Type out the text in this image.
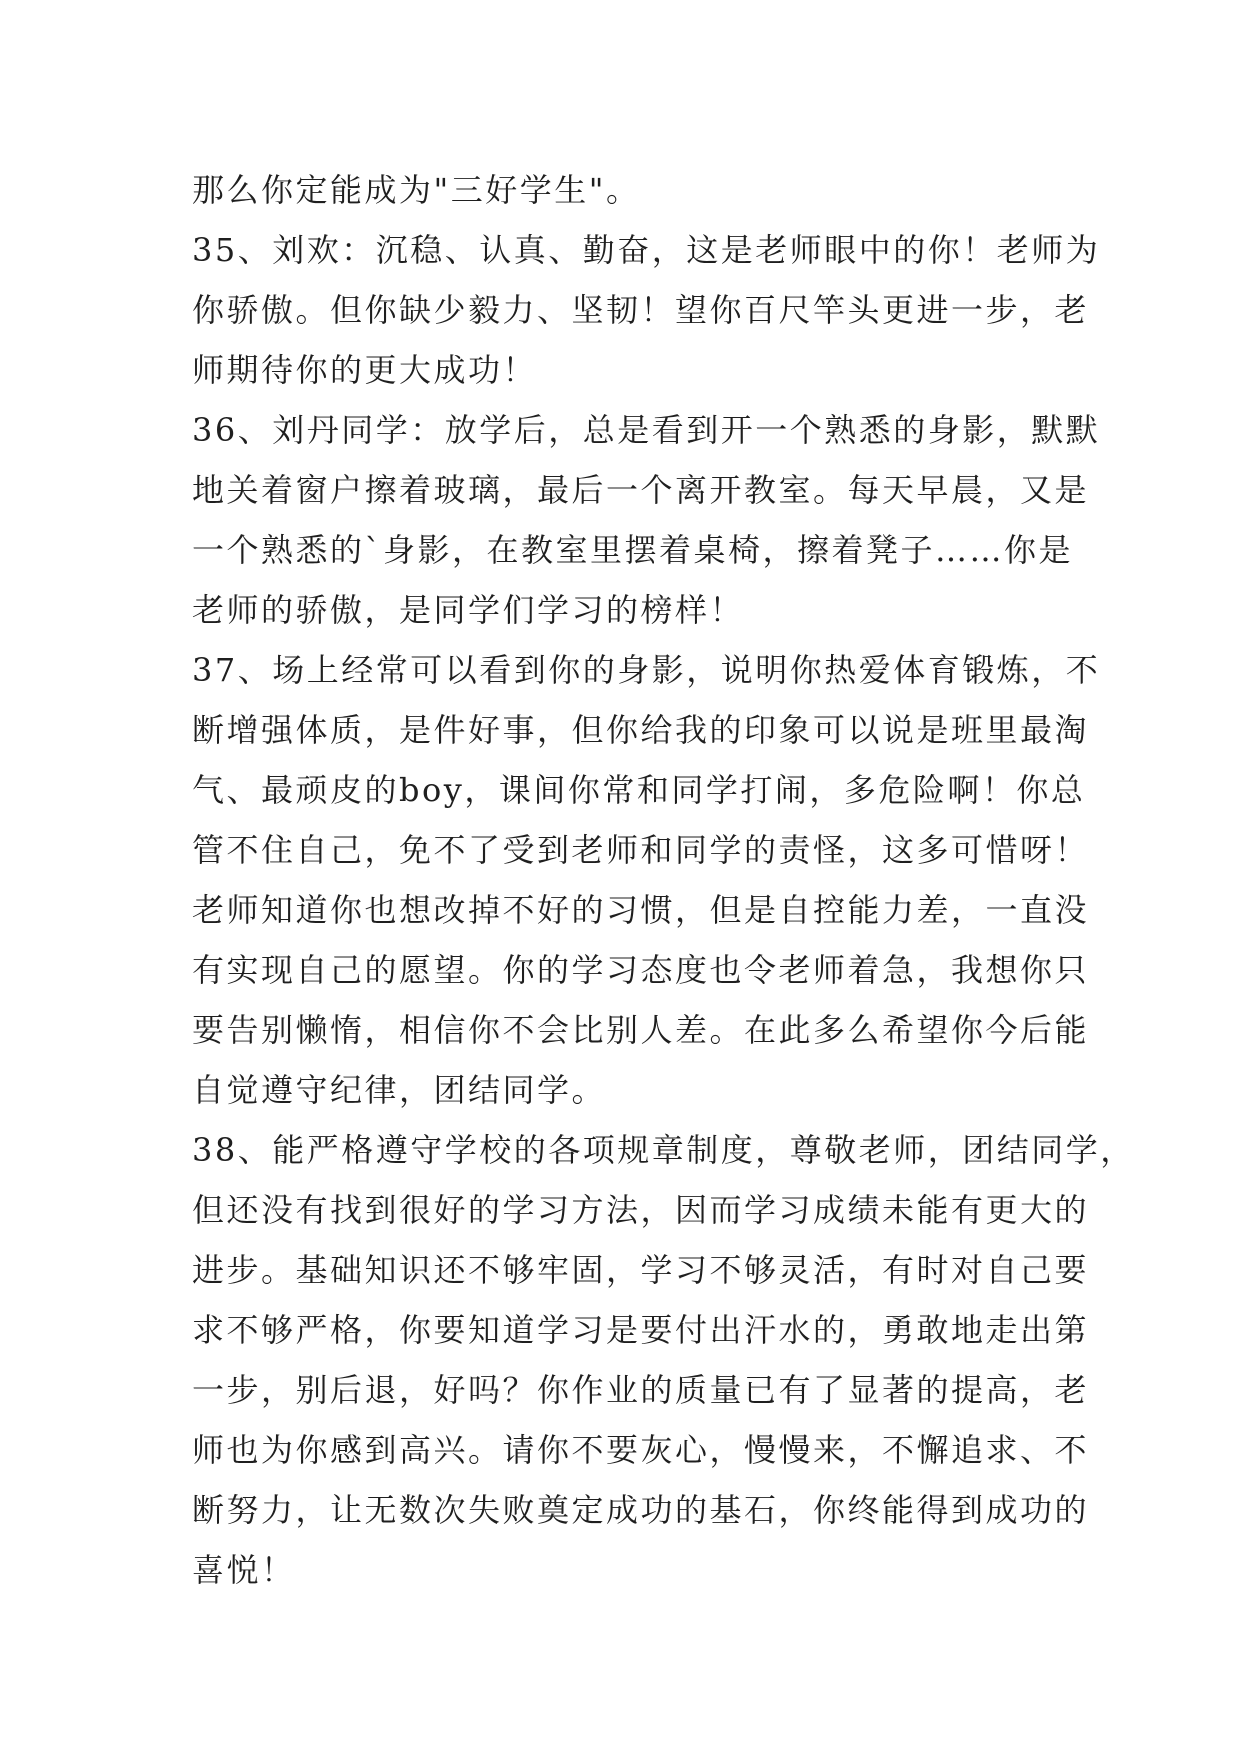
那么你定能成为"三好学生"。
35、刘欢：沉稳、认真、勤奋，这是老师眼中的你！老师为
你骄傲。但你缺少毅力、坚韧！望你百尺竿头更进一步，老
师期待你的更大成功！
36、刘丹同学：放学后，总是看到开一个熟悉的身影，默默
地关着窗户擦着玻璃，最后一个离开教室。每天早晨，又是
一个熟悉的`身影，在教室里摆着桌椅，擦着凳子……你是
老师的骄傲，是同学们学习的榜样！
37、场上经常可以看到你的身影，说明你热爱体育锻炼，不
断增强体质，是件好事，但你给我的印象可以说是班里最淘
气、最顽皮的boy，课间你常和同学打闹，多危险啊！你总
管不住自己，免不了受到老师和同学的责怪，这多可惜呀！
老师知道你也想改掉不好的习惯，但是自控能力差，一直没
有实现自己的愿望。你的学习态度也令老师着急，我想你只
要告别懒惰，相信你不会比别人差。在此多么希望你今后能
自觉遵守纪律，团结同学。
38、能严格遵守学校的各项规章制度，尊敬老师，团结同学，
但还没有找到很好的学习方法，因而学习成绩未能有更大的
进步。基础知识还不够牢固，学习不够灵活，有时对自己要
求不够严格，你要知道学习是要付出汗水的，勇敢地走出第
一步，别后退，好吗？你作业的质量已有了显著的提高，老
师也为你感到高兴。请你不要灰心，慢慢来，不懈追求、不
断努力，让无数次失败奠定成功的基石，你终能得到成功的
喜悦！
